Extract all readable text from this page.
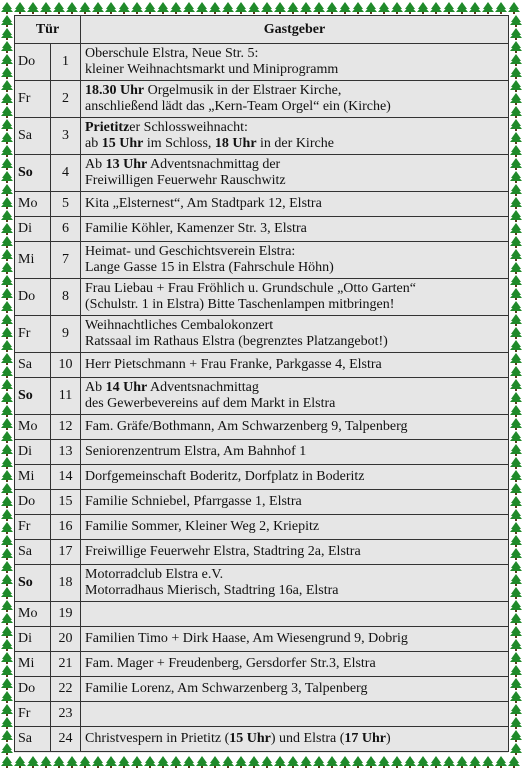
Tür		Gastgeber
Do	1	Oberschule Elstra, Neue Str. 5:
kleiner Weihnachtsmarkt und Miniprogramm

Fr	2	18.30 Uhr Orgelmusik in der Elstraer Kirche,
anschließend lädt das „Kern-Team Orgel“ ein (Kirche)

Sa	3	Prietitzer Schlossweihnacht:
ab 15 Uhr im Schloss, 18 Uhr in der Kirche

So	4	Ab 13 Uhr Adventsnachmittag der
Freiwilligen Feuerwehr Rauschwitz

Mo	5	Kita „Elsternest“, Am Stadtpark 12, Elstra

Di	6	Familie Köhler, Kamenzer Str. 3, Elstra

Mi	7	Heimat- und Geschichtsverein Elstra:
Lange Gasse 15 in Elstra (Fahrschule Höhn)

Do	8	Frau Liebau + Frau Fröhlich u. Grundschule „Otto Garten“
(Schulstr. 1 in Elstra) Bitte Taschenlampen mitbringen!

Fr	9	Weihnachtliches Cembalokonzert
Ratssaal im Rathaus Elstra (begrenztes Platzangebot!)

Sa	10	Herr Pietschmann + Frau Franke, Parkgasse 4, Elstra

So	11	Ab 14 Uhr Adventsnachmittag
des Gewerbevereins auf dem Markt in Elstra

Mo	12	Fam. Gräfe/Bothmann, Am Schwarzenberg 9, Talpenberg

Di	13	Seniorenzentrum Elstra, Am Bahnhof 1

Mi	14	Dorfgemeinschaft Boderitz, Dorfplatz in Boderitz

Do	15	Familie Schniebel, Pfarrgasse 1, Elstra

Fr	16	Familie Sommer, Kleiner Weg 2, Kriepitz

Sa	17	Freiwillige Feuerwehr Elstra, Stadtring 2a, Elstra

So	18	Motorradclub Elstra e.V.
Motorradhaus Mierisch, Stadtring 16a, Elstra

Mo	19	
Di	20	Familien Timo + Dirk Haase, Am Wiesengrund 9, Dobrig

Mi	21	Fam. Mager + Freudenberg, Gersdorfer Str.3, Elstra

Do	22	Familie Lorenz, Am Schwarzenberg 3, Talpenberg

Fr	23	
Sa	24	Christvespern in Prietitz (15 Uhr) und Elstra (17 Uhr)
